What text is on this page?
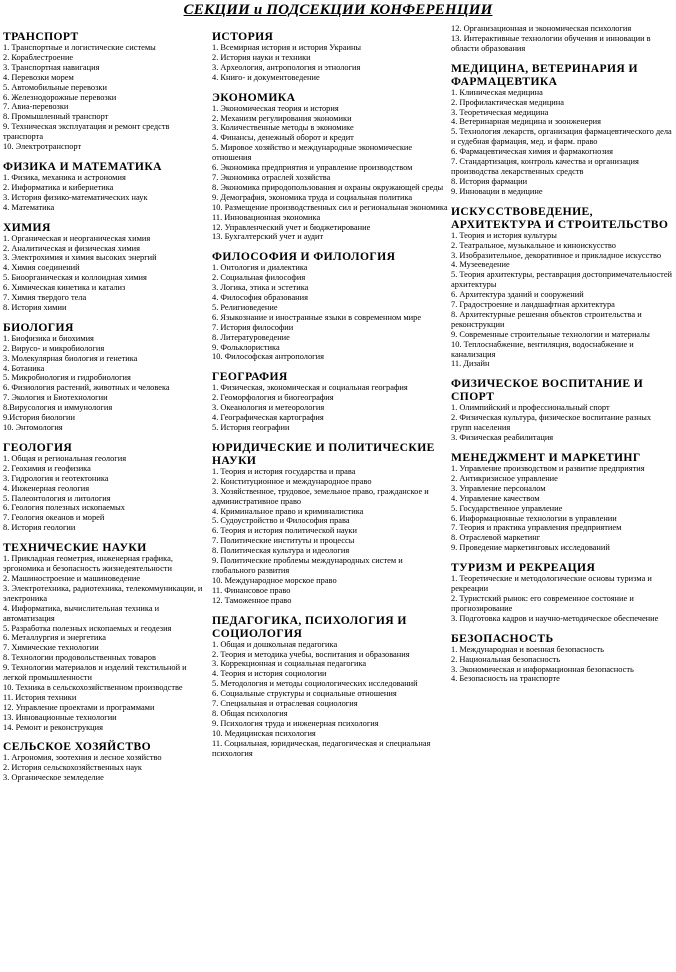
СЕКЦИИ и ПОДСЕКЦИИ КОНФЕРЕНЦИИ
ТРАНСПОРТ
1. Транспортные и логистические системы
2. Кораблестроение
3. Транспортная навигация
4. Перевозки морем
5. Автомобильные перевозки
6. Железнодорожные перевозки
7. Авиа-перевозки
8. Промышленный транспорт
9. Техническая эксплуатация и ремонт средств транспорта
10. Электротранспорт
ФИЗИКА И МАТЕМАТИКА
1. Физика, механика и астрономия
2. Информатика и кибернетика
3. История физико-математических наук
4. Математика
ХИМИЯ
1. Органическая и неорганическая химия
2. Аналитическая и физическая химия
3. Электрохимия и химия высоких энергий
4. Химия соединений
5. Биоорганическая и коллоидная химия
6. Химическая кинетика и катализ
7. Химия твердого тела
8. История химии
БИОЛОГИЯ
1. Биофизика и биохимия
2. Вирусо- и микробиология
3. Молекулярная биология и генетика
4. Ботаника
5. Микробиология и гидробиология
6. Физиология растений, животных и человека
7. Экология и Биотехнологии
8.Вирусология и иммунология
9.История биологии
10. Энтомология
ГЕОЛОГИЯ
1. Общая и региональная геология
2. Геохимия и геофизика
3. Гидрология и геотектоника
4. Инженерная геология
5. Палеонтология и литология
6. Геология полезных ископаемых
7. Геология океанов и морей
8. История геологии
ТЕХНИЧЕСКИЕ НАУКИ
1. Прикладная геометрия, инженерная графика, эргономика и безопасность жизнедеятельности
2. Машиностроение и машиноведение
3. Электротехника, радиотехника, телекоммуникации, и электроника
4. Информатика, вычислительная техника и автоматизация
5. Разработка полезных ископаемых и геодезия
6. Металлургия и энергетика
7. Химические технологии
8. Технологии продовольственных товаров
9. Технологии материалов и изделий текстильной и легкой промышленности
10. Техника в сельскохозяйственном производстве
11. История техники
12. Управление проектами и программами
13. Инновационные технологии
14. Ремонт и реконструкция
СЕЛЬСКОЕ ХОЗЯЙСТВО
1. Агрономия, зоотехния и лесное хозяйство
2. История сельскохозяйственных наук
3. Органическое земледелие
ИСТОРИЯ
1. Всемирная история и история Украины
2. История науки и техники
3. Археология, антропология и этнология
4. Книго- и документоведение
ЭКОНОМИКА
1. Экономическая теория и история
2. Механизм регулирования экономики
3. Количественные методы в экономике
4. Финансы, денежный оборот и кредит
5. Мировое хозяйство и международные экономические отношения
6. Экономика предприятия и управление производством
7. Экономика отраслей хозяйства
8. Экономика природопользования и охраны окружающей среды
9. Демография, экономика труда и социальная политика
10. Размещение производственных сил и региональная экономика
11. Инновационная экономика
12. Управленческий учет и бюджетирование
13. Бухгалтерский учет и аудит
ФИЛОСОФИЯ И ФИЛОЛОГИЯ
1. Онтология и диалектика
2. Социальная философия
3. Логика, этика и эстетика
4. Философия образования
5. Религиоведение
6. Языкознание и иностранные языки в современном мире
7. История философии
8. Литературоведение
9. Фольклористика
10. Философская антропология
ГЕОГРАФИЯ
1. Физическая, экономическая и социальная география
2. Геоморфология и биогеография
3. Океанология и метеорология
4. Географическая картография
5. История географии
ЮРИДИЧЕСКИЕ И ПОЛИТИЧЕСКИЕ НАУКИ
1. Теория и история государства и права
2. Конституционное и международное право
3. Хозяйственное, трудовое, земельное право, гражданское и административное право
4. Криминальное право и криминалистика
5. Судоустройство и Философия права
6. Теория и история политической науки
7. Политические институты и процессы
8. Политическая культура и идеология
9. Политические проблемы международных систем и глобального развития
10. Международное морское право
11. Финансовое право
12. Таможенное право
ПЕДАГОГИКА, ПСИХОЛОГИЯ И СОЦИОЛОГИЯ
1. Общая и дошкольная педагогика
2. Теория и методика учебы, воспитания и образования
3. Коррекционная и социальная педагогика
4. Теория и история социологии
5. Методология и методы социологических исследований
6. Социальные структуры и социальные отношения
7. Специальная и отраслевая социология
8. Общая психология
9. Психология труда и инженерная психология
10. Медицинская психология
11. Социальная, юридическая, педагогическая и специальная психология
12. Организационная и экономическая психология
13. Интерактивные технологии обучения и инновации в области образования
МЕДИЦИНА, ВЕТЕРИНАРИЯ И ФАРМАЦЕВТИКА
1. Клиническая медицина
2. Профилактическая медицина
3. Теоретическая медицина
4. Ветеринарная медицина и зоонженерия
5. Технология лекарств, организация фармацевтического дела и судебная фармация, мед. и фарм. право
6. Фармацевтическая химия и фармакогнозия
7. Стандартизация, контроль качества и организация производства лекарственных средств
8. История фармации
9. Инновации в медицине
ИСКУССТВОВЕДЕНИЕ, АРХИТЕКТУРА И СТРОИТЕЛЬСТВО
1. Теория и история культуры
2. Театральное, музыкальное и киноискусство
3. Изобразительное, декоративное и прикладное искусство
4. Музееведение
5. Теория архитектуры, реставрация достопримечательностей архитектуры
6. Архитектура зданий и сооружений
7. Градостроение и ландшафтная архитектура
8. Архитектурные решения объектов строительства и реконструкции
9. Современные строительные технологии и материалы
10. Теплоснабжение, вентиляция, водоснабжение и канализация
11. Дизайн
ФИЗИЧЕСКОЕ ВОСПИТАНИЕ И СПОРТ
1. Олимпийский и профессиональный спорт
2. Физическая культура, физическое воспитание разных групп населения
3. Физическая реабилитация
МЕНЕДЖМЕНТ И МАРКЕТИНГ
1. Управление производством и развитие предприятия
2. Антикризисное управление
3. Управление персоналом
4. Управление качеством
5. Государственное управление
6. Информационные технологии в управлении
7. Теория и практика управления предприятием
8. Отраслевой маркетинг
9. Проведение маркетинговых исследований
ТУРИЗМ И РЕКРЕАЦИЯ
1. Теоретические и методологические основы туризма и рекреации
2. Туристский рынок: его современное состояние и прогнозирование
3. Подготовка кадров и научно-методическое обеспечение
БЕЗОПАСНОСТЬ
1. Международная и военная безопасность
2. Национальная безопасность
3. Экономическая и информационная безопасность
4. Безопасность на транспорте
